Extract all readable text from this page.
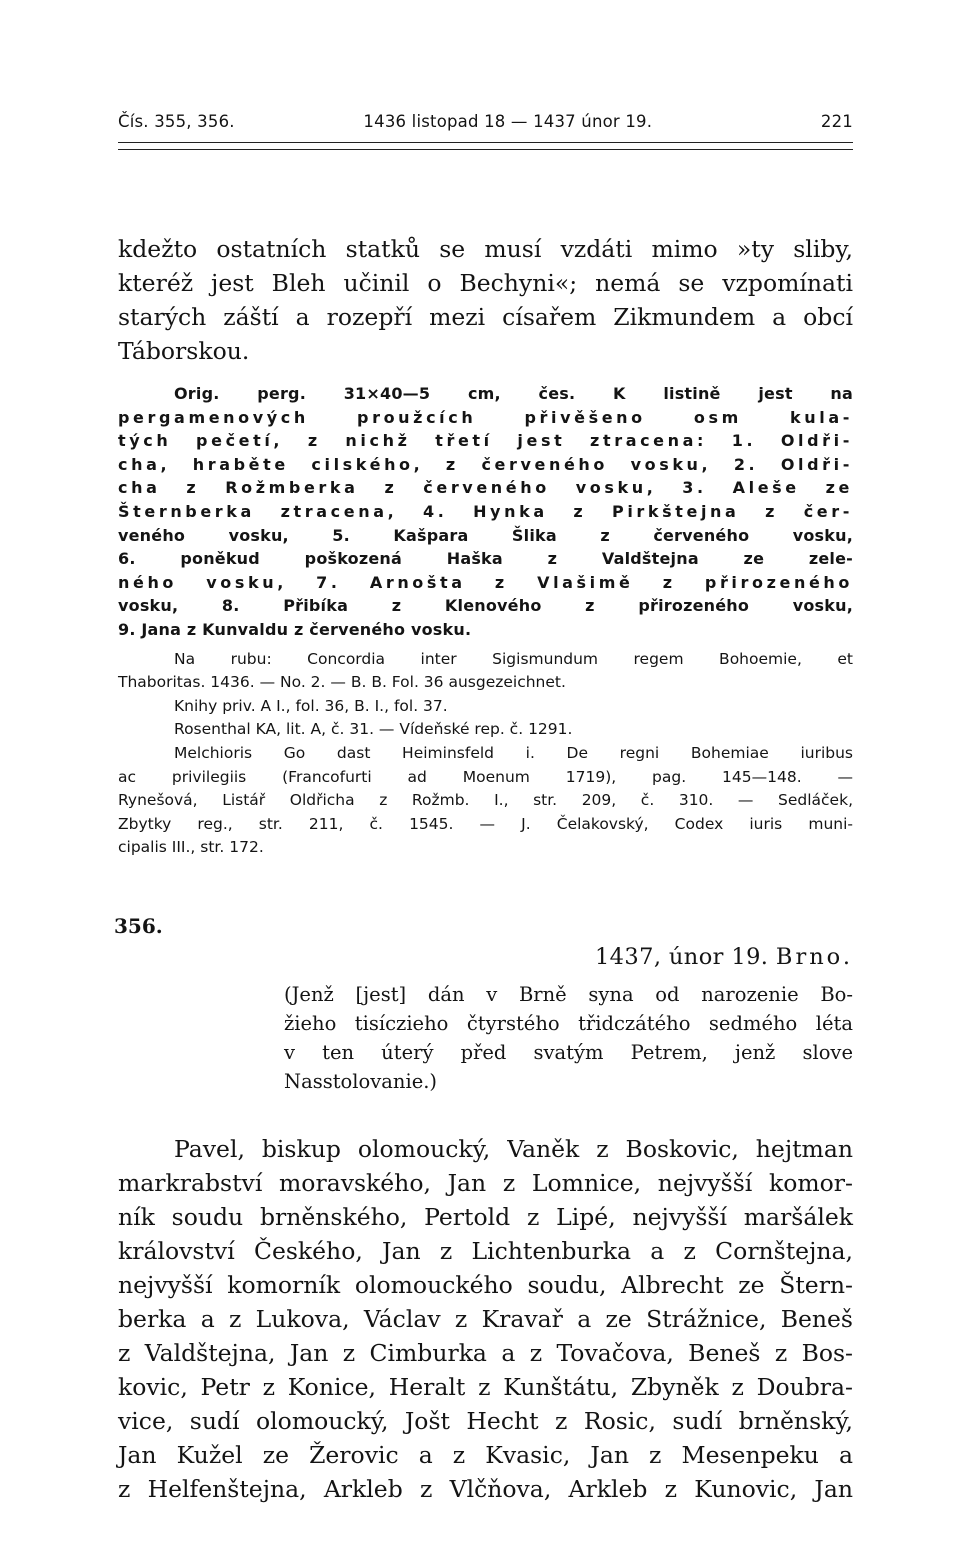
Čís. 355, 356.	1436 listopad 18 — 1437 únor 19.	221
kdežto ostatních statků se musí vzdáti mimo »ty sliby,
kteréž jest Bleh učinil o Bechyni«; nemá se vzpomínati
starých záští a rozepří mezi císařem Zikmundem a obcí
Táborskou.
Orig. perg. 31×40—5 cm, čes. K listině jest na
pergamenových proužcích přivěšeno osm kula-
tých pečetí, z nichž třetí jest ztracena: 1. Oldři-
cha, hraběte cilského, z červeného vosku, 2. Oldři-
cha z Rožmberka z červeného vosku, 3. Aleše ze
Šternberka ztracena, 4. Hynka z Pirkštejna z čer-
veného vosku, 5. Kašpara Šlika z červeného vosku,
6. poněkud poškozená Haška z Valdštejna ze zele-
ného vosku, 7. Arnošta z Vlašimě z přirozeného
vosku, 8. Přibíka z Klenového z přirozeného vosku,
9. Jana z Kunvaldu z červeného vosku.
Na rubu: Concordia inter Sigismundum regem Bohoemie, et
Thaboritas. 1436. — No. 2. — B. B. Fol. 36 ausgezeichnet.
Knihy priv. A I., fol. 36, B. I., fol. 37.
Rosenthal KA, lit. A, č. 31. — Vídeňské rep. č. 1291.
Melchioris Go dast Heiminsfeld i. De regni Bohemiae iuribus
ac privilegiis (Francofurti ad Moenum 1719), pag. 145—148. —
Rynešová, Listář Oldřicha z Rožmb. I., str. 209, č. 310. — Sedláček,
Zbytky reg., str. 211, č. 1545. — J. Čelakovský, Codex iuris muni-
cipalis III., str. 172.
356.
1437, únor 19. Brno.
(Jenž [jest] dán v Brně syna od narozenie Bo-
žieho tisíczieho čtyrstého třidczátého sedmého léta
v ten úterý před svatým Petrem, jenž slove
Nasstolovanie.)
Pavel, biskup olomoucký, Vaněk z Boskovic, hejtman
markrabství moravského, Jan z Lomnice, nejvyšší komor-
ník soudu brněnského, Pertold z Lipé, nejvyšší maršálek
království Českého, Jan z Lichtenburka a z Cornštejna,
nejvyšší komorník olomouckého soudu, Albrecht ze Štern-
berka a z Lukova, Václav z Kravař a ze Strážnice, Beneš
z Valdštejna, Jan z Cimburka a z Tovačova, Beneš z Bos-
kovic, Petr z Konice, Heralt z Kunštátu, Zbyněk z Doubra-
vice, sudí olomoucký, Jošt Hecht z Rosic, sudí brněnský,
Jan Kužel ze Žerovic a z Kvasic, Jan z Mesenpeku a
z Helfenštejna, Arkleb z Vlčňova, Arkleb z Kunovic, Jan
